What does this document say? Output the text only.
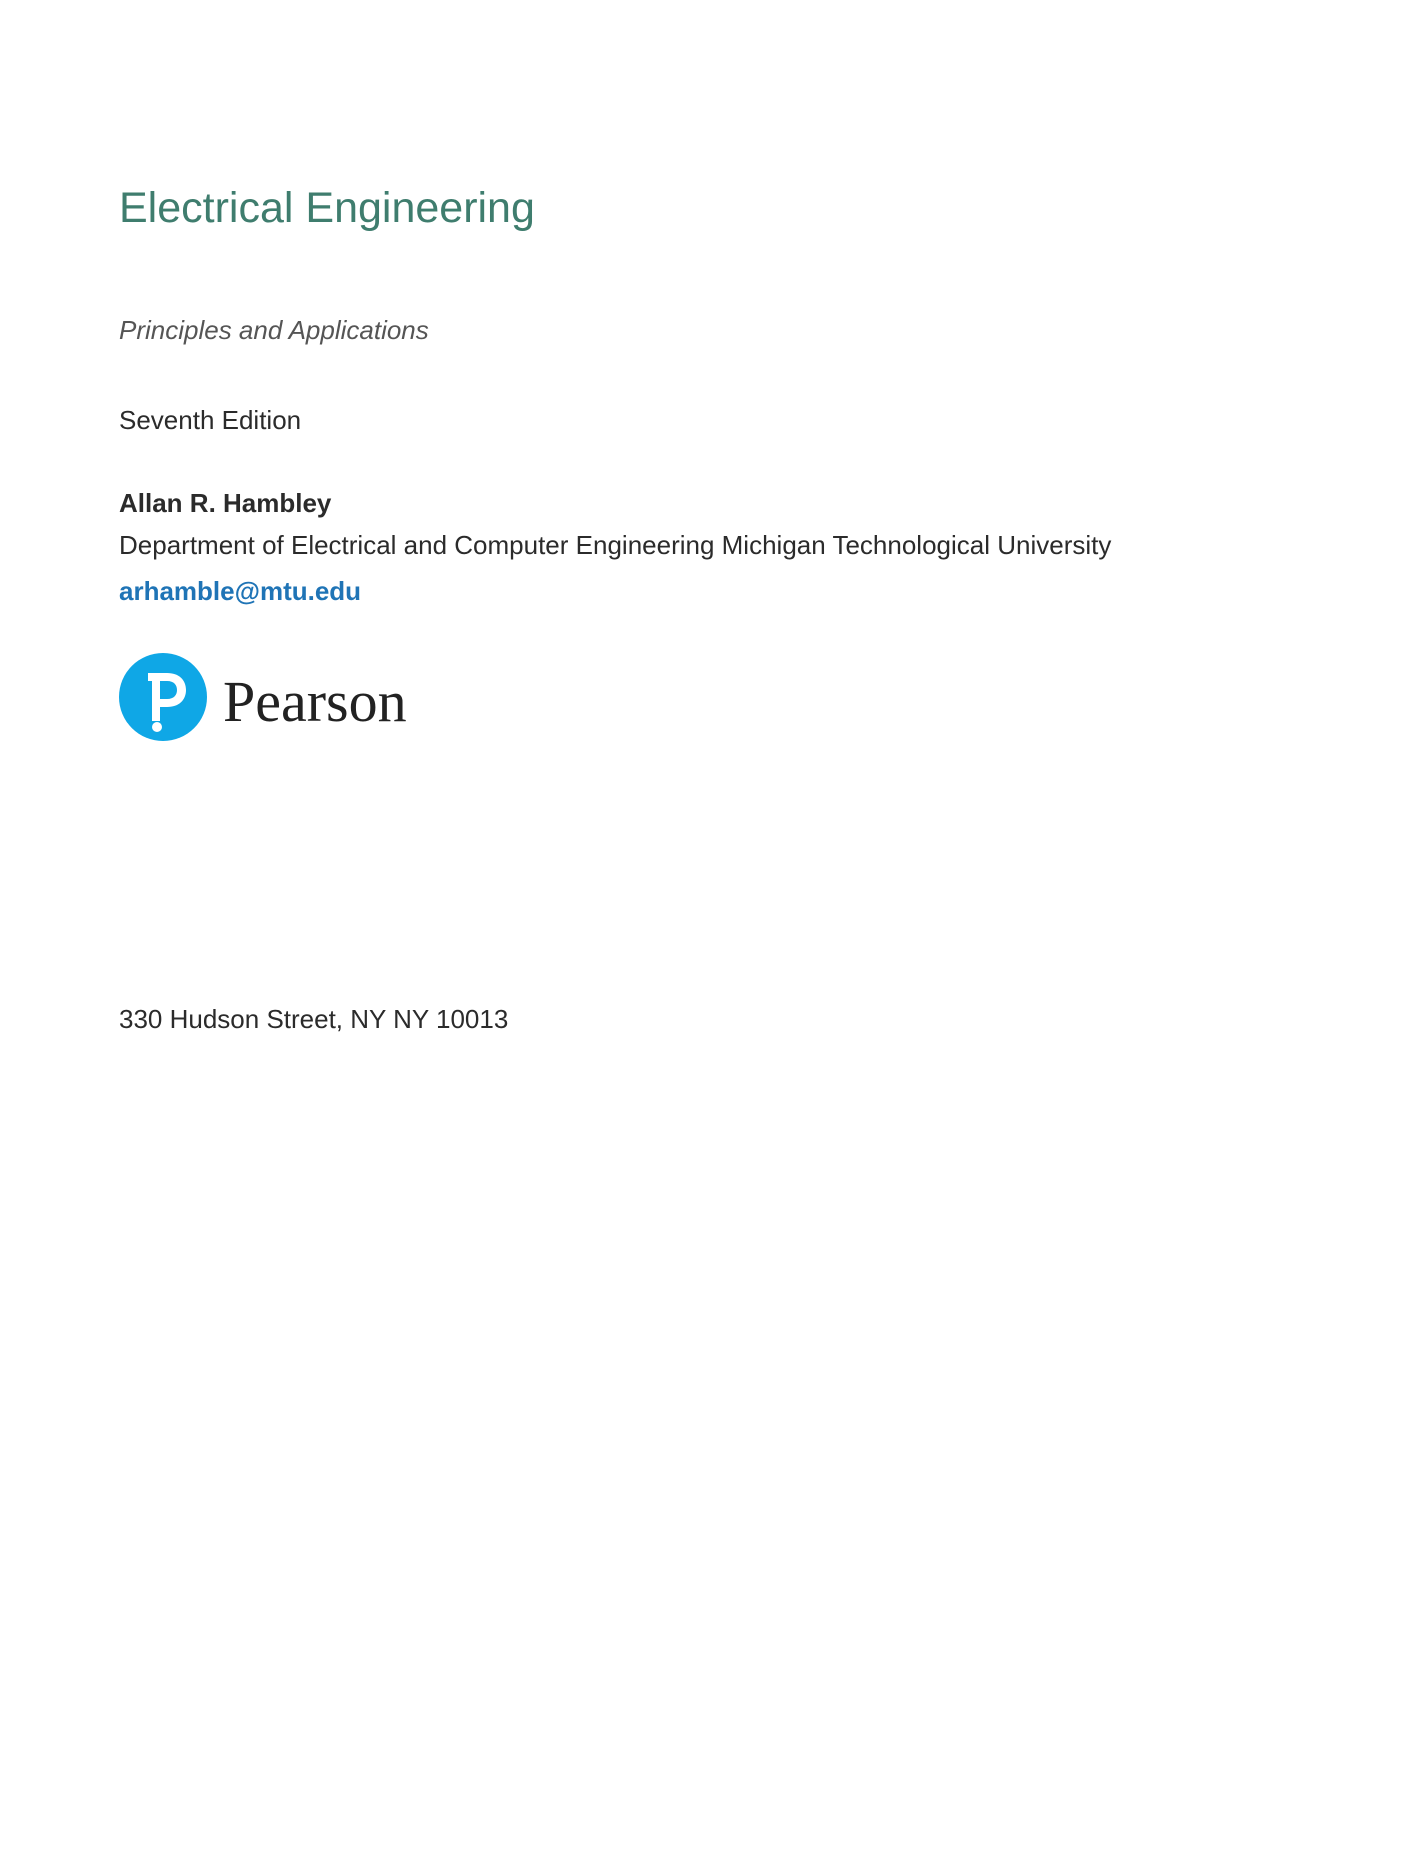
Electrical Engineering

Principles and Applications

Seventh Edition

Allan R. Hambley

Department of Electrical and Computer Engineering Michigan Technological University

arhamble@mtu.edu
Pearson

330 Hudson Street, NY NY 10013
